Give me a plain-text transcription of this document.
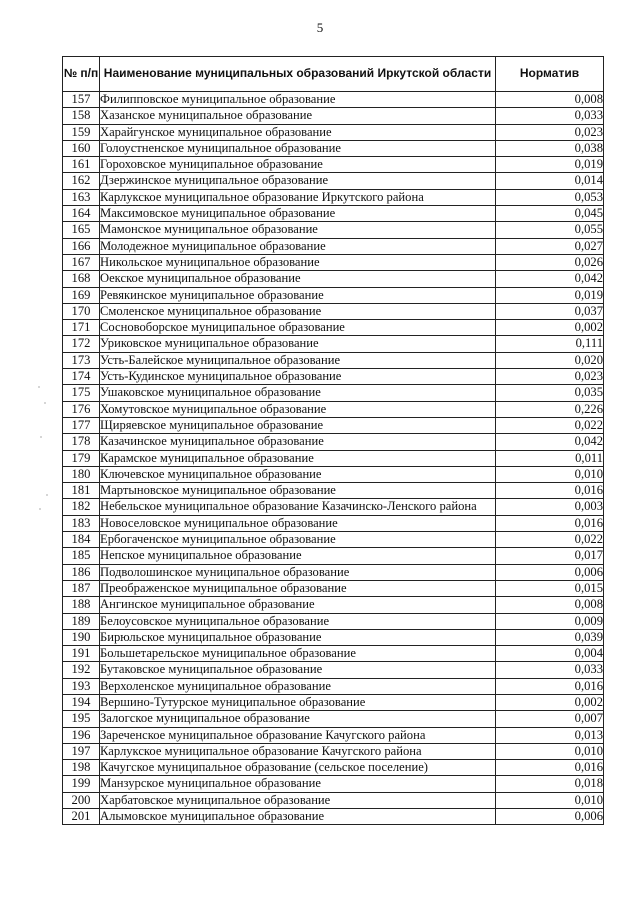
5
№ п/п	Наименование муниципальных образований Иркутской области	Норматив
157	Филипповское муниципальное образование	0,008
158	Хазанское муниципальное образование	0,033
159	Харайгунское муниципальное образование	0,023
160	Голоустненское муниципальное образование	0,038
161	Гороховское муниципальное образование	0,019
162	Дзержинское муниципальное образование	0,014
163	Карлукское муниципальное образование Иркутского района	0,053
164	Максимовское муниципальное образование	0,045
165	Мамонское муниципальное образование	0,055
166	Молодежное муниципальное образование	0,027
167	Никольское муниципальное образование	0,026
168	Оекское муниципальное образование	0,042
169	Ревякинское муниципальное образование	0,019
170	Смоленское муниципальное образование	0,037
171	Сосновоборское муниципальное образование	0,002
172	Уриковское муниципальное образование	0,111
173	Усть-Балейское муниципальное образование	0,020
174	Усть-Кудинское муниципальное образование	0,023
175	Ушаковское муниципальное образование	0,035
176	Хомутовское муниципальное образование	0,226
177	Щиряевское муниципальное образование	0,022
178	Казачинское муниципальное образование	0,042
179	Карамское муниципальное образование	0,011
180	Ключевское муниципальное образование	0,010
181	Мартыновское муниципальное образование	0,016
182	Небельское муниципальное образование Казачинско-Ленского района	0,003
183	Новоселовское муниципальное образование	0,016
184	Ербогаченское муниципальное образование	0,022
185	Непское муниципальное образование	0,017
186	Подволошинское муниципальное образование	0,006
187	Преображенское муниципальное образование	0,015
188	Ангинское муниципальное образование	0,008
189	Белоусовское муниципальное образование	0,009
190	Бирюльское муниципальное образование	0,039
191	Большетарельское муниципальное образование	0,004
192	Бутаковское муниципальное образование	0,033
193	Верхоленское муниципальное образование	0,016
194	Вершино-Тутурское муниципальное образование	0,002
195	Залогское муниципальное образование	0,007
196	Зареченское муниципальное образование Качугского района	0,013
197	Карлукское муниципальное образование Качугского района	0,010
198	Качугское муниципальное образование (сельское поселение)	0,016
199	Манзурское муниципальное образование	0,018
200	Харбатовское муниципальное образование	0,010
201	Алымовское муниципальное образование	0,006
